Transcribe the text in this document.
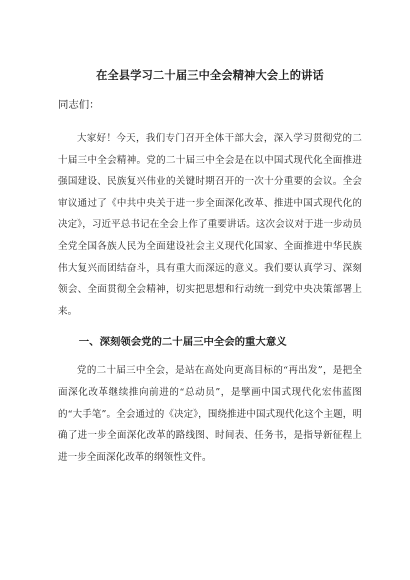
在全县学习二十届三中全会精神大会上的讲话
同志们：

大家好！今天，我们专门召开全体干部大会，深入学习贯彻党的二十届三中全会精神。党的二十届三中全会是在以中国式现代化全面推进强国建设、民族复兴伟业的关键时期召开的一次十分重要的会议。全会审议通过了《中共中央关于进一步全面深化改革、推进中国式现代化的决定》，习近平总书记在全会上作了重要讲话。这次会议对于进一步动员全党全国各族人民为全面建设社会主义现代化国家、全面推进中华民族伟大复兴而团结奋斗，具有重大而深远的意义。我们要认真学习、深刻领会、全面贯彻全会精神，切实把思想和行动统一到党中央决策部署上来。

一、深刻领会党的二十届三中全会的重大意义

党的二十届三中全会，是站在高处向更高目标的“再出发”，是把全面深化改革继续推向前进的“总动员”，是擘画中国式现代化宏伟蓝图的“大手笔”。全会通过的《决定》，围绕推进中国式现代化这个主题，明确了进一步全面深化改革的路线图、时间表、任务书，是指导新征程上进一步全面深化改革的纲领性文件。
